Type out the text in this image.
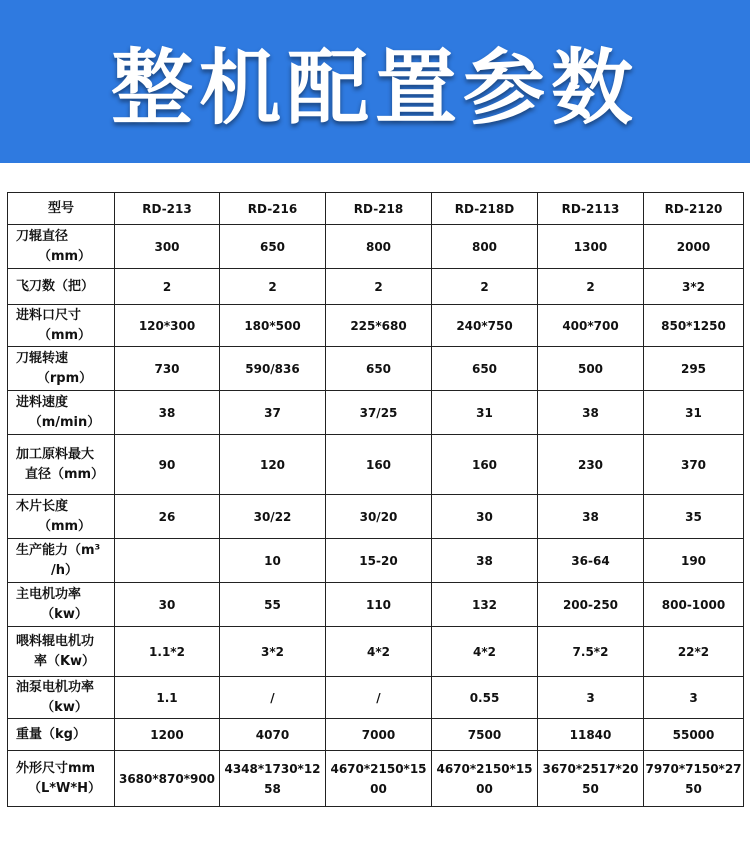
整机配置参数
型号	RD-213	RD-216	RD-218	RD-218D	RD-2113	RD-2120

刀辊直径
（mm）	300	650	800	800	1300	2000

飞刀数（把）	2	2	2	2	2	3*2

进料口尺寸
（mm）	120*300	180*500	225*680	240*750	400*700	850*1250

刀辊转速
（rpm）	730	590/836	650	650	500	295

进料速度
（m/min）	38	37	37/25	31	38	31

加工原料最大
直径（mm）	90	120	160	160	230	370

木片长度
（mm）	26	30/22	30/20	30	38	35

生产能力（m³
/h）		10	15-20	38	36-64	190

主电机功率
（kw）	30	55	110	132	200-250	800-1000

喂料辊电机功
率（Kw）	1.1*2	3*2	4*2	4*2	7.5*2	22*2

油泵电机功率
（kw）	1.1	/	/	0.55	3	3

重量（kg）	1200	4070	7000	7500	11840	55000

外形尺寸mm
（L*W*H）	3680*870*900	4348*1730*1258	4670*2150*1500	4670*2150*1500	3670*2517*2050	7970*7150*2750
